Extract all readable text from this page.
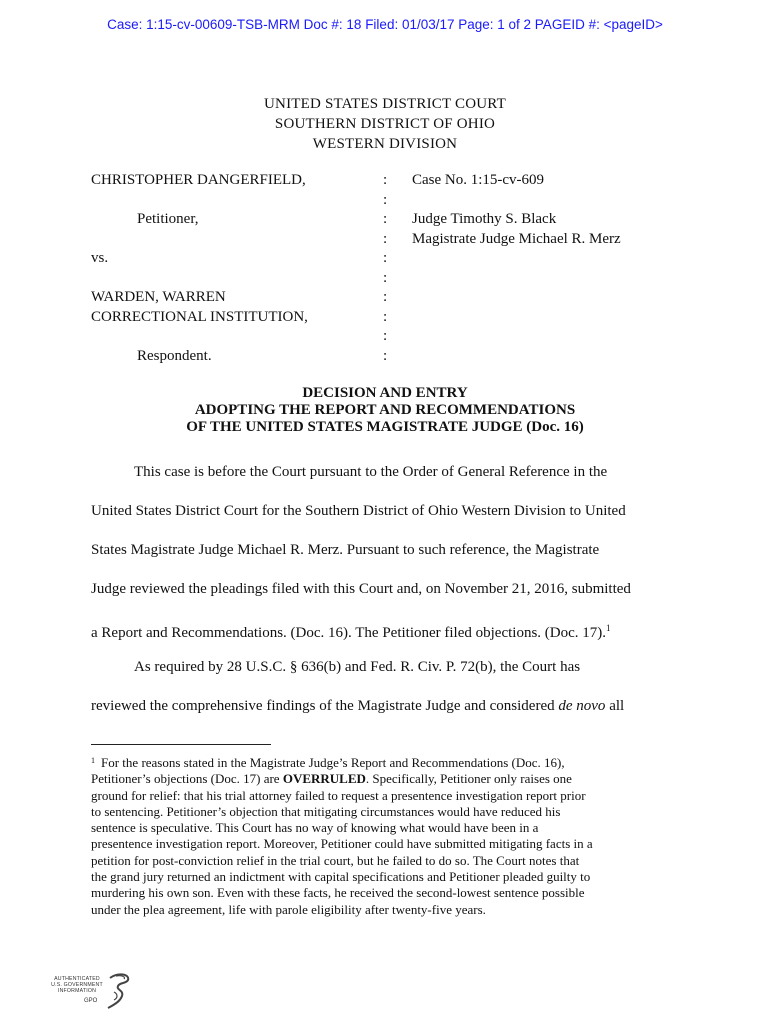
Case: 1:15-cv-00609-TSB-MRM Doc #: 18 Filed: 01/03/17 Page: 1 of 2 PAGEID #: <pageID>
UNITED STATES DISTRICT COURT
SOUTHERN DISTRICT OF OHIO
WESTERN DIVISION
CHRISTOPHER DANGERFIELD,
Petitioner,
vs.
WARDEN, WARREN
CORRECTIONAL INSTITUTION,
Respondent.
:
:
:
:
:
:
:
:
:
:
Case No. 1:15-cv-609
Judge Timothy S. Black
Magistrate Judge Michael R. Merz
DECISION AND ENTRY
ADOPTING THE REPORT AND RECOMMENDATIONS
OF THE UNITED STATES MAGISTRATE JUDGE (Doc. 16)
This case is before the Court pursuant to the Order of General Reference in the
United States District Court for the Southern District of Ohio Western Division to United
States Magistrate Judge Michael R. Merz. Pursuant to such reference, the Magistrate
Judge reviewed the pleadings filed with this Court and, on November 21, 2016, submitted
a Report and Recommendations. (Doc. 16). The Petitioner filed objections. (Doc. 17).$^1$
As required by 28 U.S.C. § 636(b) and Fed. R. Civ. P. 72(b), the Court has
reviewed the comprehensive findings of the Magistrate Judge and considered de novo all
$^1$ For the reasons stated in the Magistrate Judge’s Report and Recommendations (Doc. 16),
Petitioner’s objections (Doc. 17) are OVERRULED. Specifically, Petitioner only raises one
ground for relief: that his trial attorney failed to request a presentence investigation report prior
to sentencing. Petitioner’s objection that mitigating circumstances would have reduced his
sentence is speculative. This Court has no way of knowing what would have been in a
presentence investigation report. Moreover, Petitioner could have submitted mitigating facts in a
petition for post-conviction relief in the trial court, but he failed to do so. The Court notes that
the grand jury returned an indictment with capital specifications and Petitioner pleaded guilty to
murdering his own son. Even with these facts, he received the second-lowest sentence possible
under the plea agreement, life with parole eligibility after twenty-five years.
AUTHENTICATED
U.S. GOVERNMENT
INFORMATION
GPO
